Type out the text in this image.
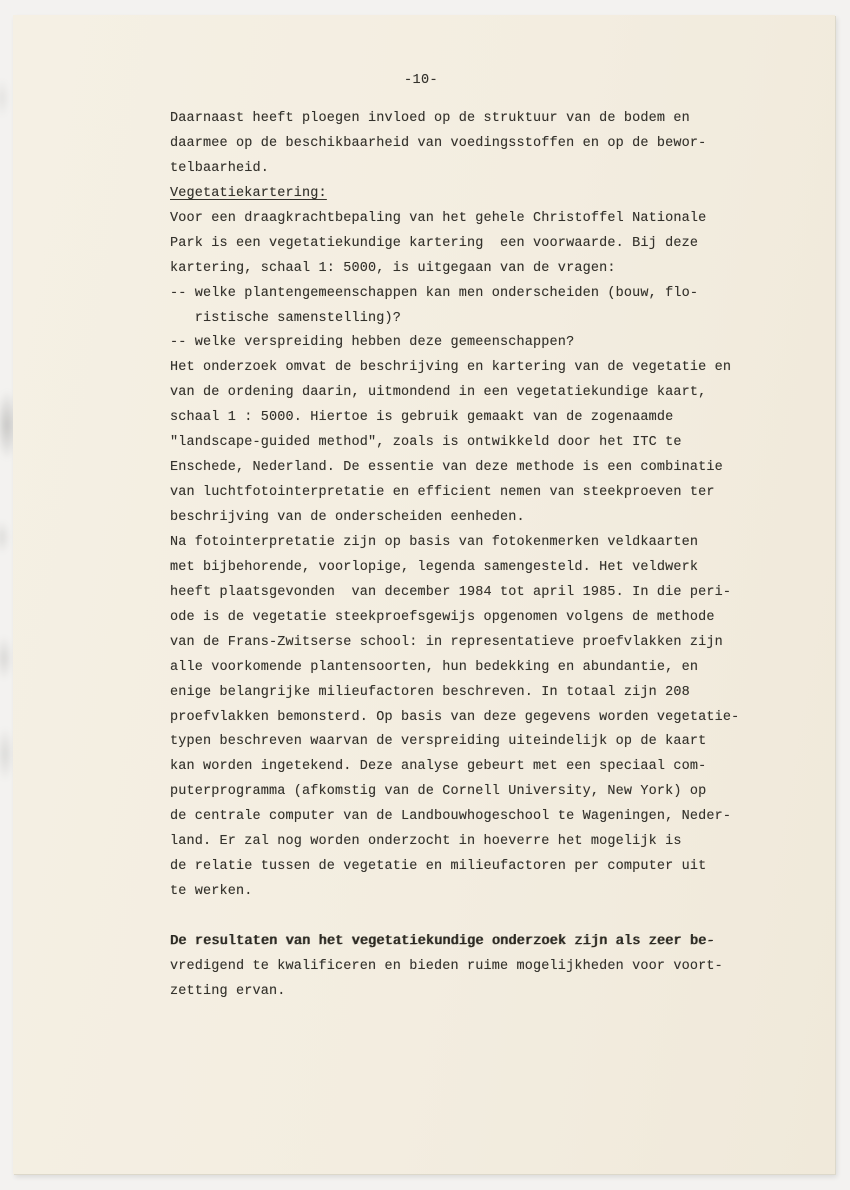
-10-
Daarnaast heeft ploegen invloed op de struktuur van de bodem en
daarmee op de beschikbaarheid van voedingsstoffen en op de bewor-
telbaarheid.
Vegetatiekartering:
Voor een draagkrachtbepaling van het gehele Christoffel Nationale
Park is een vegetatiekundige kartering  een voorwaarde. Bij deze
kartering, schaal 1: 5000, is uitgegaan van de vragen:
-- welke plantengemeenschappen kan men onderscheiden (bouw, flo-
ristische samenstelling)?
-- welke verspreiding hebben deze gemeenschappen?
Het onderzoek omvat de beschrijving en kartering van de vegetatie en
van de ordening daarin, uitmondend in een vegetatiekundige kaart,
schaal 1 : 5000. Hiertoe is gebruik gemaakt van de zogenaamde
"landscape-guided method", zoals is ontwikkeld door het ITC te
Enschede, Nederland. De essentie van deze methode is een combinatie
van luchtfotointerpretatie en efficient nemen van steekproeven ter
beschrijving van de onderscheiden eenheden.
Na fotointerpretatie zijn op basis van fotokenmerken veldkaarten
met bijbehorende, voorlopige, legenda samengesteld. Het veldwerk
heeft plaatsgevonden  van december 1984 tot april 1985. In die peri-
ode is de vegetatie steekproefsgewijs opgenomen volgens de methode
van de Frans-Zwitserse school: in representatieve proefvlakken zijn
alle voorkomende plantensoorten, hun bedekking en abundantie, en
enige belangrijke milieufactoren beschreven. In totaal zijn 208
proefvlakken bemonsterd. Op basis van deze gegevens worden vegetatie-
typen beschreven waarvan de verspreiding uiteindelijk op de kaart
kan worden ingetekend. Deze analyse gebeurt met een speciaal com-
puterprogramma (afkomstig van de Cornell University, New York) op
de centrale computer van de Landbouwhogeschool te Wageningen, Neder-
land. Er zal nog worden onderzocht in hoeverre het mogelijk is
de relatie tussen de vegetatie en milieufactoren per computer uit
te werken.
De resultaten van het vegetatiekundige onderzoek zijn als zeer be-
vredigend te kwalificeren en bieden ruime mogelijkheden voor voort-
zetting ervan.
